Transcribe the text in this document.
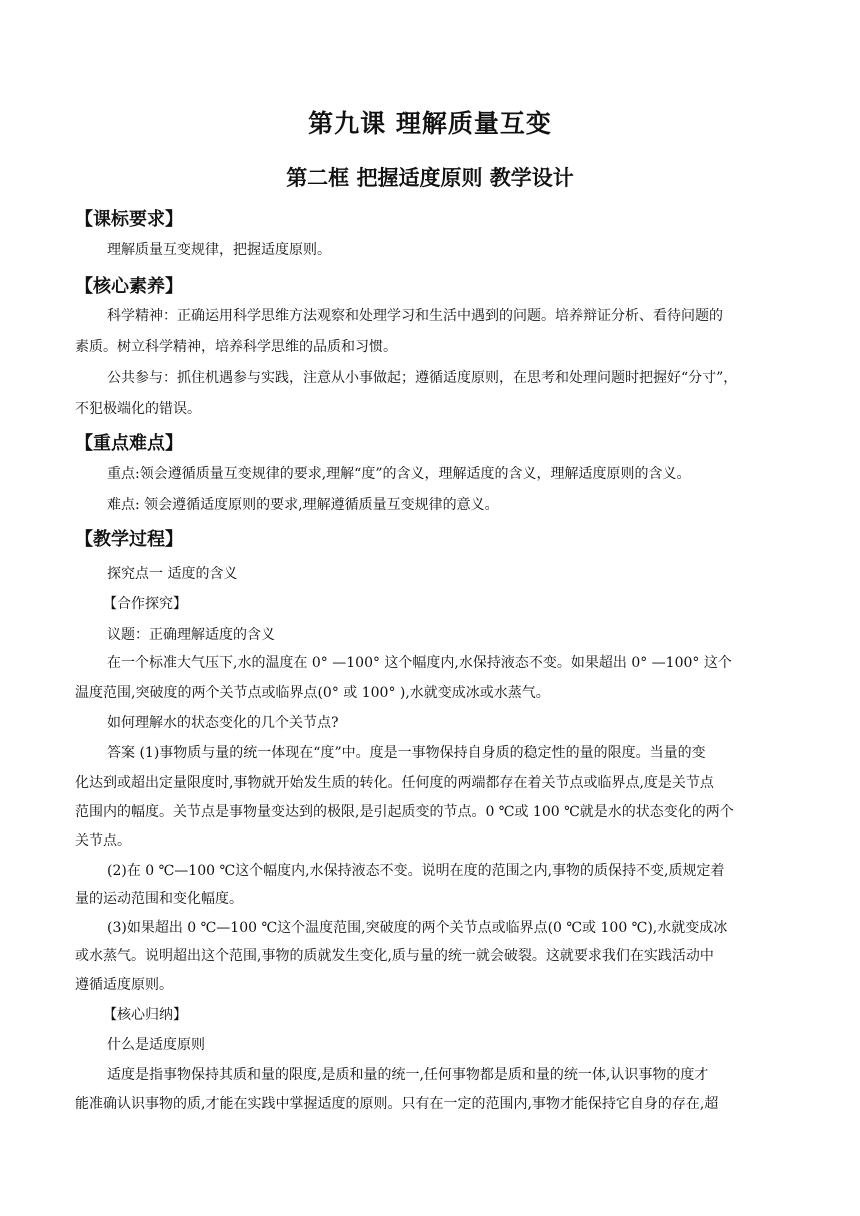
第九课 理解质量互变
第二框 把握适度原则 教学设计
【课标要求】
理解质量互变规律，把握适度原则。
【核心素养】
科学精神：正确运用科学思维方法观察和处理学习和生活中遇到的问题。培养辩证分析、看待问题的
素质。树立科学精神，培养科学思维的品质和习惯。
公共参与：抓住机遇参与实践，注意从小事做起；遵循适度原则，在思考和处理问题时把握好“分寸”，
不犯极端化的错误。
【重点难点】
重点:领会遵循质量互变规律的要求,理解“度”的含义，理解适度的含义，理解适度原则的含义。
难点: 领会遵循适度原则的要求,理解遵循质量互变规律的意义。
【教学过程】
探究点一 适度的含义
【合作探究】
议题：正确理解适度的含义
在一个标准大气压下,水的温度在 0° —100° 这个幅度内,水保持液态不变。如果超出 0° —100° 这个
温度范围,突破度的两个关节点或临界点(0° 或 100° ),水就变成冰或水蒸气。
如何理解水的状态变化的几个关节点?
答案 (1)事物质与量的统一体现在“度”中。度是一事物保持自身质的稳定性的量的限度。当量的变
化达到或超出定量限度时,事物就开始发生质的转化。任何度的两端都存在着关节点或临界点,度是关节点
范围内的幅度。关节点是事物量变达到的极限,是引起质变的节点。0 ℃或 100 ℃就是水的状态变化的两个
关节点。
(2)在 0 ℃—100 ℃这个幅度内,水保持液态不变。说明在度的范围之内,事物的质保持不变,质规定着
量的运动范围和变化幅度。
(3)如果超出 0 ℃—100 ℃这个温度范围,突破度的两个关节点或临界点(0 ℃或 100 ℃),水就变成冰
或水蒸气。说明超出这个范围,事物的质就发生变化,质与量的统一就会破裂。这就要求我们在实践活动中
遵循适度原则。
【核心归纳】
什么是适度原则
适度是指事物保持其质和量的限度,是质和量的统一,任何事物都是质和量的统一体,认识事物的度才
能准确认识事物的质,才能在实践中掌握适度的原则。只有在一定的范围内,事物才能保持它自身的存在,超
